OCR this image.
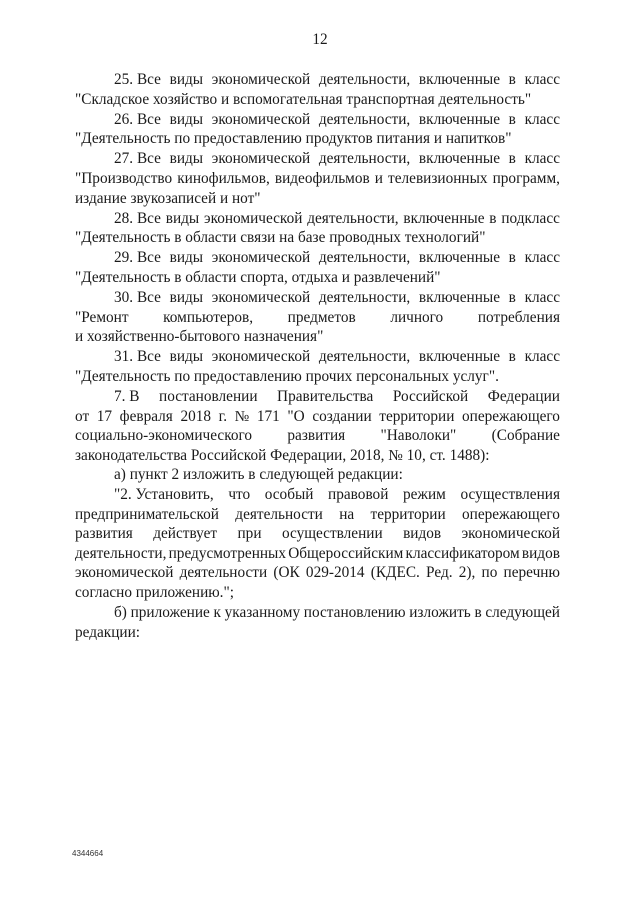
12
25. Все виды экономической деятельности, включенные в класс
"Складское хозяйство и вспомогательная транспортная деятельность"
26. Все виды экономической деятельности, включенные в класс
"Деятельность по предоставлению продуктов питания и напитков"
27. Все виды экономической деятельности, включенные в класс
"Производство кинофильмов, видеофильмов и телевизионных программ,
издание звукозаписей и нот"
28. Все виды экономической деятельности, включенные в подкласс
"Деятельность в области связи на базе проводных технологий"
29. Все виды экономической деятельности, включенные в класс
"Деятельность в области спорта, отдыха и развлечений"
30. Все виды экономической деятельности, включенные в класс
"Ремонт компьютеров, предметов личного потребления
и хозяйственно-бытового назначения"
31. Все виды экономической деятельности, включенные в класс
"Деятельность по предоставлению прочих персональных услуг".
7. В постановлении Правительства Российской Федерации
от 17 февраля 2018 г. № 171 "О создании территории опережающего
социально-экономического развития "Наволоки" (Собрание
законодательства Российской Федерации, 2018, № 10, ст. 1488):
а) пункт 2 изложить в следующей редакции:
"2. Установить, что особый правовой режим осуществления
предпринимательской деятельности на территории опережающего
развития действует при осуществлении видов экономической
деятельности, предусмотренных Общероссийским классификатором видов
экономической деятельности (ОК 029-2014 (КДЕС. Ред. 2), по перечню
согласно приложению.";
б) приложение к указанному постановлению изложить в следующей
редакции:
4344664
